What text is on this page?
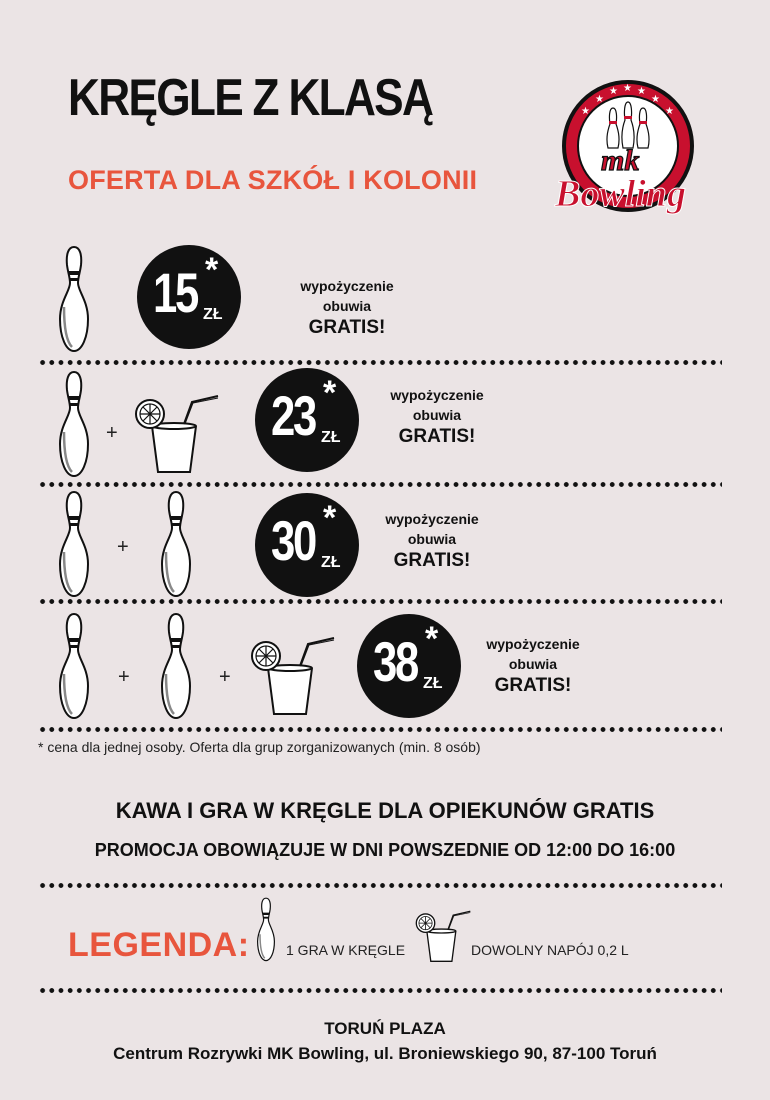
KRĘGLE Z KLASĄ
OFERTA DLA SZKÓŁ I KOLONII
★
★ ★ ★
★
★	★
mk
Bowling
15 *
ZŁ
wypożyczenie
obuwia
GRATIS!
+	23 *
ZŁ
wypożyczenie
obuwia
GRATIS!
+	30 *
ZŁ
wypożyczenie
obuwia
GRATIS!
+	+	38 *
ZŁ
wypożyczenie
obuwia
GRATIS!
* cena dla jednej osoby. Oferta dla grup zorganizowanych (min. 8 osób)
KAWA I GRA W KRĘGLE DLA OPIEKUNÓW GRATIS
PROMOCJA OBOWIĄZUJE W DNI POWSZEDNIE OD 12:00 DO 16:00
LEGENDA:	1 GRA W KRĘGLE	DOWOLNY NAPÓJ 0,2 L
TORUŃ PLAZA
Centrum Rozrywki MK Bowling, ul. Broniewskiego 90, 87-100 Toruń
